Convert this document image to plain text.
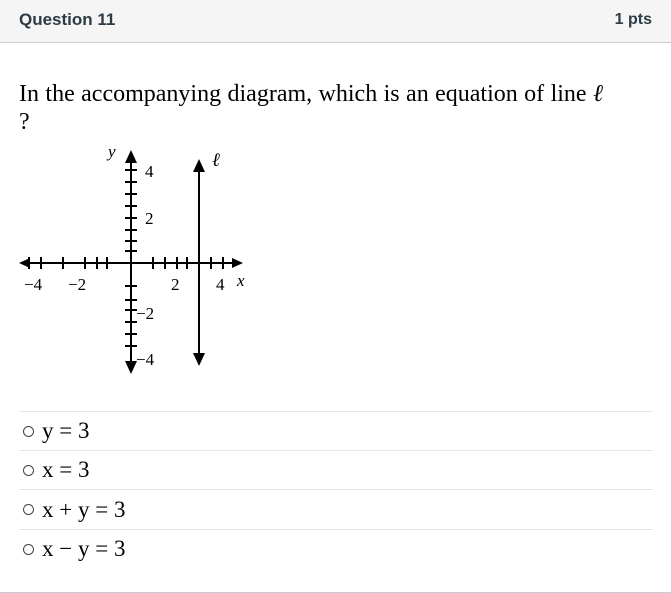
Question 11	1 pts
In the accompanying diagram, which is an equation of line ℓ ?
y
x
ℓ
−4 −2	2 4
4
2
−2
−4
y = 3
x = 3
x + y = 3
x − y = 3
